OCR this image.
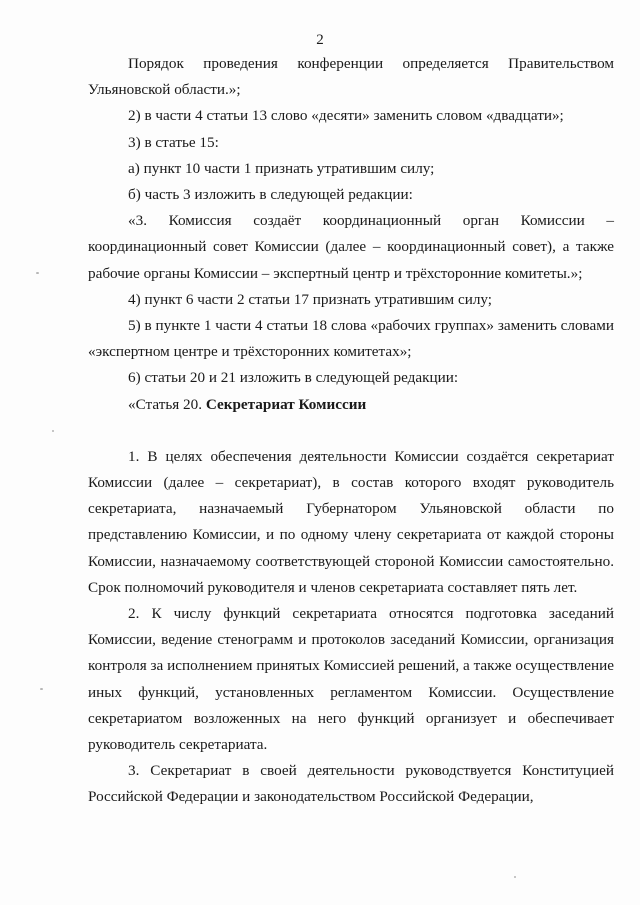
2

Порядок проведения конференции определяется Правительством Ульяновской области.»;

2) в части 4 статьи 13 слово «десяти» заменить словом «двадцати»;

3) в статье 15:

а) пункт 10 части 1 признать утратившим силу;

б) часть 3 изложить в следующей редакции:

«3. Комиссия создаёт координационный орган Комиссии – координационный совет Комиссии (далее – координационный совет), а также рабочие органы Комиссии – экспертный центр и трёхсторонние комитеты.»;

4) пункт 6 части 2 статьи 17 признать утратившим силу;

5) в пункте 1 части 4 статьи 18 слова «рабочих группах» заменить словами «экспертном центре и трёхсторонних комитетах»;

6) статьи 20 и 21 изложить в следующей редакции:

«Статья 20. Секретариат Комиссии

1. В целях обеспечения деятельности Комиссии создаётся секретариат Комиссии (далее – секретариат), в состав которого входят руководитель секретариата, назначаемый Губернатором Ульяновской области по представлению Комиссии, и по одному члену секретариата от каждой стороны Комиссии, назначаемому соответствующей стороной Комиссии самостоятельно. Срок полномочий руководителя и членов секретариата составляет пять лет.

2. К числу функций секретариата относятся подготовка заседаний Комиссии, ведение стенограмм и протоколов заседаний Комиссии, организация контроля за исполнением принятых Комиссией решений, а также осуществление иных функций, установленных регламентом Комиссии. Осуществление секретариатом возложенных на него функций организует и обеспечивает руководитель секретариата.

3. Секретариат в своей деятельности руководствуется Конституцией Российской Федерации и законодательством Российской Федерации,
